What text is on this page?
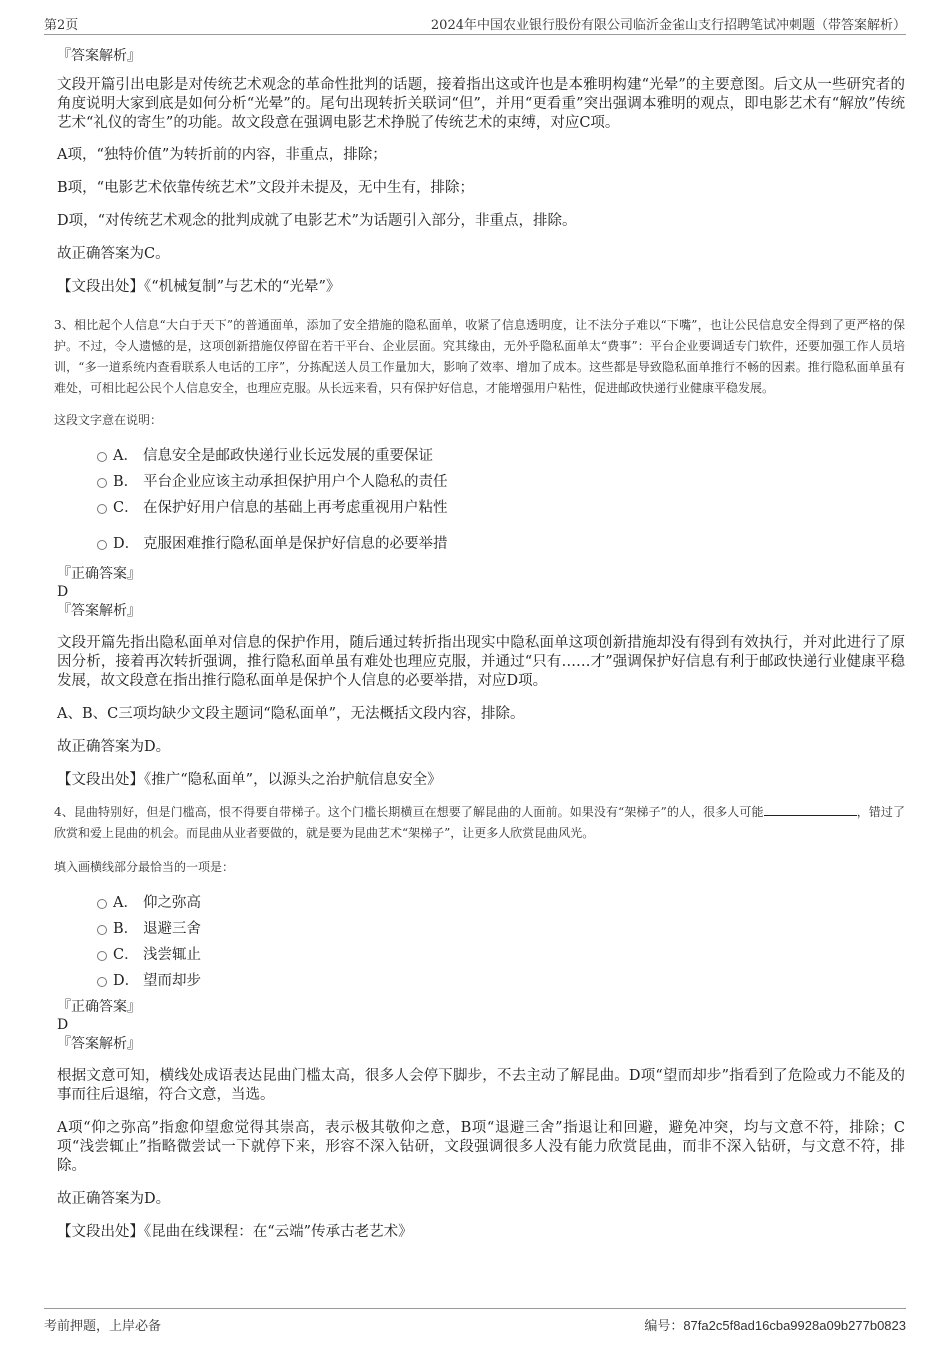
第2页	2024年中国农业银行股份有限公司临沂金雀山支行招聘笔试冲刺题（带答案解析）

『答案解析』

文段开篇引出电影是对传统艺术观念的革命性批判的话题，接着指出这或许也是本雅明构建“光晕”的主要意图。后文从一些研究者的角度说明大家到底是如何分析“光晕”的。尾句出现转折关联词“但”，并用“更看重”突出强调本雅明的观点，即电影艺术有“解放”传统艺术“礼仪的寄生”的功能。故文段意在强调电影艺术挣脱了传统艺术的束缚，对应C项。

A项，“独特价值”为转折前的内容，非重点，排除；

B项，“电影艺术依靠传统艺术”文段并未提及，无中生有，排除；

D项，“对传统艺术观念的批判成就了电影艺术”为话题引入部分，非重点，排除。

故正确答案为C。

【文段出处】《“机械复制”与艺术的“光晕”》

3、相比起个人信息“大白于天下”的普通面单，添加了安全措施的隐私面单，收紧了信息透明度，让不法分子难以“下嘴”，也让公民信息安全得到了更严格的保护。不过，令人遗憾的是，这项创新措施仅停留在若干平台、企业层面。究其缘由，无外乎隐私面单太“费事”：平台企业要调适专门软件，还要加强工作人员培训，“多一道系统内查看联系人电话的工序”，分拣配送人员工作量加大，影响了效率、增加了成本。这些都是导致隐私面单推行不畅的因素。推行隐私面单虽有难处，可相比起公民个人信息安全，也理应克服。从长远来看，只有保护好信息，才能增强用户粘性，促进邮政快递行业健康平稳发展。

这段文字意在说明：

A． 信息安全是邮政快递行业长远发展的重要保证
B． 平台企业应该主动承担保护用户个人隐私的责任
C． 在保护好用户信息的基础上再考虑重视用户粘性
D． 克服困难推行隐私面单是保护好信息的必要举措

『正确答案』

D

『答案解析』

文段开篇先指出隐私面单对信息的保护作用，随后通过转折指出现实中隐私面单这项创新措施却没有得到有效执行，并对此进行了原因分析，接着再次转折强调，推行隐私面单虽有难处也理应克服，并通过“只有……才”强调保护好信息有利于邮政快递行业健康平稳发展，故文段意在指出推行隐私面单是保护个人信息的必要举措，对应D项。

A、B、C三项均缺少文段主题词“隐私面单”，无法概括文段内容，排除。

故正确答案为D。

【文段出处】《推广“隐私面单”，以源头之治护航信息安全》

4、昆曲特别好，但是门槛高，恨不得要自带梯子。这个门槛长期横亘在想要了解昆曲的人面前。如果没有“架梯子”的人，很多人可能	，错过了欣赏和爱上昆曲的机会。而昆曲从业者要做的，就是要为昆曲艺术“架梯子”，让更多人欣赏昆曲风光。

填入画横线部分最恰当的一项是：

A． 仰之弥高
B． 退避三舍
C． 浅尝辄止
D． 望而却步

『正确答案』

D

『答案解析』

根据文意可知，横线处成语表达昆曲门槛太高，很多人会停下脚步，不去主动了解昆曲。D项“望而却步”指看到了危险或力不能及的事而往后退缩，符合文意，当选。

A项“仰之弥高”指愈仰望愈觉得其崇高，表示极其敬仰之意，B项“退避三舍”指退让和回避，避免冲突，均与文意不符，排除；C项“浅尝辄止”指略微尝试一下就停下来，形容不深入钻研，文段强调很多人没有能力欣赏昆曲，而非不深入钻研，与文意不符，排除。

故正确答案为D。

【文段出处】《昆曲在线课程：在“云端”传承古老艺术》

考前押题，上岸必备	编号：87fa2c5f8ad16cba9928a09b277b0823
